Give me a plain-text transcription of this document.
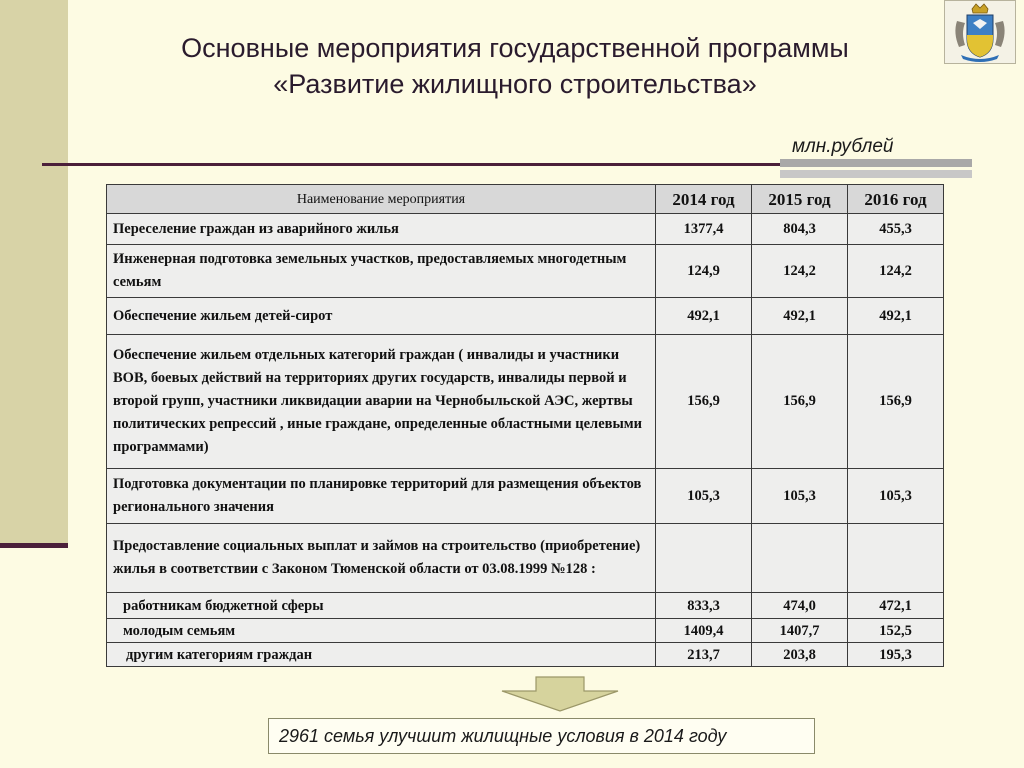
Основные мероприятия государственной программы
«Развитие жилищного строительства»
млн.рублей
Наименование мероприятия	2014 год	2015 год	2016 год
Переселение граждан из аварийного жилья	1377,4	804,3	455,3
Инженерная подготовка земельных участков, предоставляемых многодетным семьям	124,9	124,2	124,2
Обеспечение жильем детей-сирот	492,1	492,1	492,1
Обеспечение жильем отдельных категорий граждан ( инвалиды и участники ВОВ, боевых действий на территориях других государств, инвалиды первой и второй групп, участники ликвидации аварии на Чернобыльской АЭС, жертвы политических репрессий , иные граждане, определенные областными целевыми программами)	156,9	156,9	156,9
Подготовка документации по планировке территорий для размещения объектов регионального значения	105,3	105,3	105,3
Предоставление социальных выплат и займов на строительство (приобретение) жилья в соответствии с Законом Тюменской области от 03.08.1999 №128 :			
работникам бюджетной сферы	833,3	474,0	472,1
молодым семьям	1409,4	1407,7	152,5
другим категориям граждан	213,7	203,8	195,3
2961 семья улучшит жилищные условия в 2014 году
